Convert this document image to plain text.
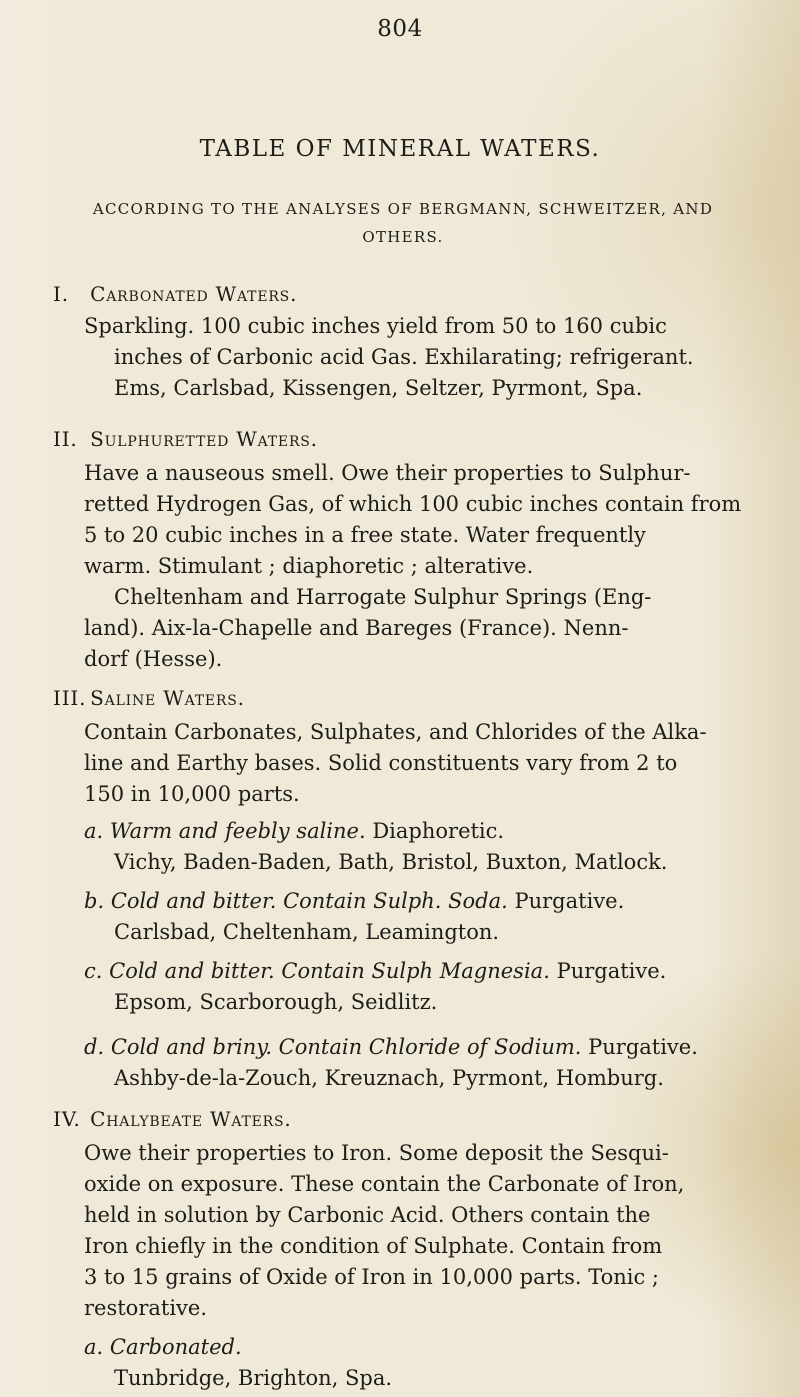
804
TABLE OF MINERAL WATERS.
ACCORDING TO THE ANALYSES OF BERGMANN, SCHWEITZER, AND
OTHERS.
I. Carbonated Waters.
Sparkling. 100 cubic inches yield from 50 to 160 cubic
inches of Carbonic acid Gas. Exhilarating; refrigerant.
Ems, Carlsbad, Kissengen, Seltzer, Pyrmont, Spa.
II. Sulphuretted Waters.
Have a nauseous smell. Owe their properties to Sulphur-
retted Hydrogen Gas, of which 100 cubic inches contain from
5 to 20 cubic inches in a free state. Water frequently
warm. Stimulant ; diaphoretic ; alterative.
Cheltenham and Harrogate Sulphur Springs (Eng-
land). Aix-la-Chapelle and Bareges (France). Nenn-
dorf (Hesse).
III. Saline Waters.
Contain Carbonates, Sulphates, and Chlorides of the Alka-
line and Earthy bases. Solid constituents vary from 2 to
150 in 10,000 parts.
a. Warm and feebly saline. Diaphoretic.
Vichy, Baden-Baden, Bath, Bristol, Buxton, Matlock.
b. Cold and bitter. Contain Sulph. Soda. Purgative.
Carlsbad, Cheltenham, Leamington.
c. Cold and bitter. Contain Sulph Magnesia. Purgative.
Epsom, Scarborough, Seidlitz.
d. Cold and briny. Contain Chloride of Sodium. Purgative.
Ashby-de-la-Zouch, Kreuznach, Pyrmont, Homburg.
IV. Chalybeate Waters.
Owe their properties to Iron. Some deposit the Sesqui-
oxide on exposure. These contain the Carbonate of Iron,
held in solution by Carbonic Acid. Others contain the
Iron chiefly in the condition of Sulphate. Contain from
3 to 15 grains of Oxide of Iron in 10,000 parts. Tonic ;
restorative.
a. Carbonated.
Tunbridge, Brighton, Spa.
